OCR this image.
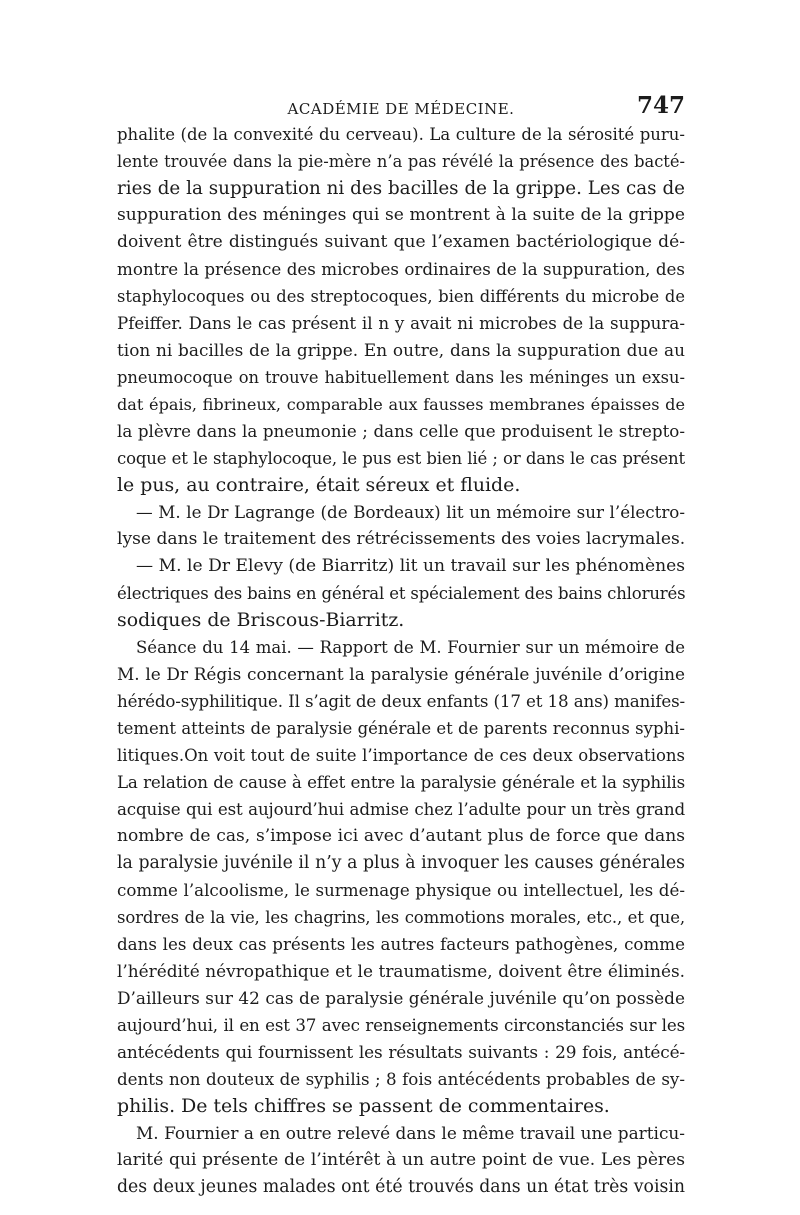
ACADÉMIE DE MÉDECINE.	747

phalite (de la convexité du cerveau). La culture de la sérosité puru-

lente trouvée dans la pie-mère n’a pas révélé la présence des bacté-

ries de la suppuration ni des bacilles de la grippe. Les cas de

suppuration des méninges qui se montrent à la suite de la grippe

doivent être distingués suivant que l’examen bactériologique dé-

montre la présence des microbes ordinaires de la suppuration, des

staphylocoques ou des streptocoques, bien différents du microbe de

Pfeiffer. Dans le cas présent il n y avait ni microbes de la suppura-

tion ni bacilles de la grippe. En outre, dans la suppuration due au

pneumocoque on trouve habituellement dans les méninges un exsu-

dat épais, fibrineux, comparable aux fausses membranes épaisses de

la plèvre dans la pneumonie ; dans celle que produisent le strepto-

coque et le staphylocoque, le pus est bien lié ; or dans le cas présent

le pus, au contraire, était séreux et fluide.

— M. le Dr Lagrange (de Bordeaux) lit un mémoire sur l’électro-

lyse dans le traitement des rétrécissements des voies lacrymales.

— M. le Dr Elevy (de Biarritz) lit un travail sur les phénomènes

électriques des bains en général et spécialement des bains chlorurés

sodiques de Briscous-Biarritz.

Séance du 14 mai. — Rapport de M. Fournier sur un mémoire de

M. le Dr Régis concernant la paralysie générale juvénile d’origine

hérédo-syphilitique. Il s’agit de deux enfants (17 et 18 ans) manifes-

tement atteints de paralysie générale et de parents reconnus syphi-

litiques.On voit tout de suite l’importance de ces deux observations

La relation de cause à effet entre la paralysie générale et la syphilis

acquise qui est aujourd’hui admise chez l’adulte pour un très grand

nombre de cas, s’impose ici avec d’autant plus de force que dans

la paralysie juvénile il n’y a plus à invoquer les causes générales

comme l’alcoolisme, le surmenage physique ou intellectuel, les dé-

sordres de la vie, les chagrins, les commotions morales, etc., et que,

dans les deux cas présents les autres facteurs pathogènes, comme

l’hérédité névropathique et le traumatisme, doivent être éliminés.

D’ailleurs sur 42 cas de paralysie générale juvénile qu’on possède

aujourd’hui, il en est 37 avec renseignements circonstanciés sur les

antécédents qui fournissent les résultats suivants : 29 fois, antécé-

dents non douteux de syphilis ; 8 fois antécédents probables de sy-

philis. De tels chiffres se passent de commentaires.

M. Fournier a en outre relevé dans le même travail une particu-

larité qui présente de l’intérêt à un autre point de vue. Les pères

des deux jeunes malades ont été trouvés dans un état très voisin
